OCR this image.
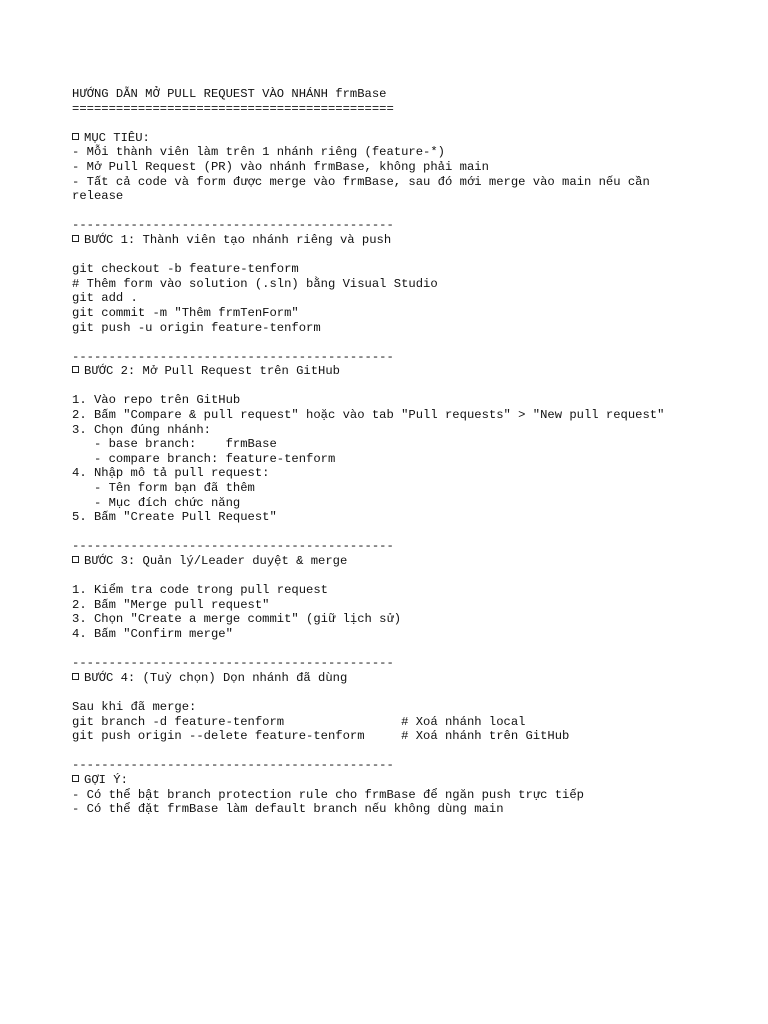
HƯỚNG DẪN MỞ PULL REQUEST VÀO NHÁNH frmBase
============================================
MỤC TIÊU:
- Mỗi thành viên làm trên 1 nhánh riêng (feature-*)
- Mở Pull Request (PR) vào nhánh frmBase, không phải main
- Tất cả code và form được merge vào frmBase, sau đó mới merge vào main nếu cần release
--------------------------------------------
BƯỚC 1: Thành viên tạo nhánh riêng và push
git checkout -b feature-tenform
# Thêm form vào solution (.sln) bằng Visual Studio
git add .
git commit -m "Thêm frmTenForm"
git push -u origin feature-tenform
--------------------------------------------
BƯỚC 2: Mở Pull Request trên GitHub
1. Vào repo trên GitHub
2. Bấm "Compare & pull request" hoặc vào tab "Pull requests" > "New pull request"
3. Chọn đúng nhánh:
- base branch:    frmBase
- compare branch: feature-tenform
4. Nhập mô tả pull request:
- Tên form bạn đã thêm
- Mục đích chức năng
5. Bấm "Create Pull Request"
--------------------------------------------
BƯỚC 3: Quản lý/Leader duyệt & merge
1. Kiểm tra code trong pull request
2. Bấm "Merge pull request"
3. Chọn "Create a merge commit" (giữ lịch sử)
4. Bấm "Confirm merge"
--------------------------------------------
BƯỚC 4: (Tuỳ chọn) Dọn nhánh đã dùng
Sau khi đã merge:
git branch -d feature-tenform                # Xoá nhánh local
git push origin --delete feature-tenform     # Xoá nhánh trên GitHub
--------------------------------------------
GỢI Ý:
- Có thể bật branch protection rule cho frmBase để ngăn push trực tiếp
- Có thể đặt frmBase làm default branch nếu không dùng main
